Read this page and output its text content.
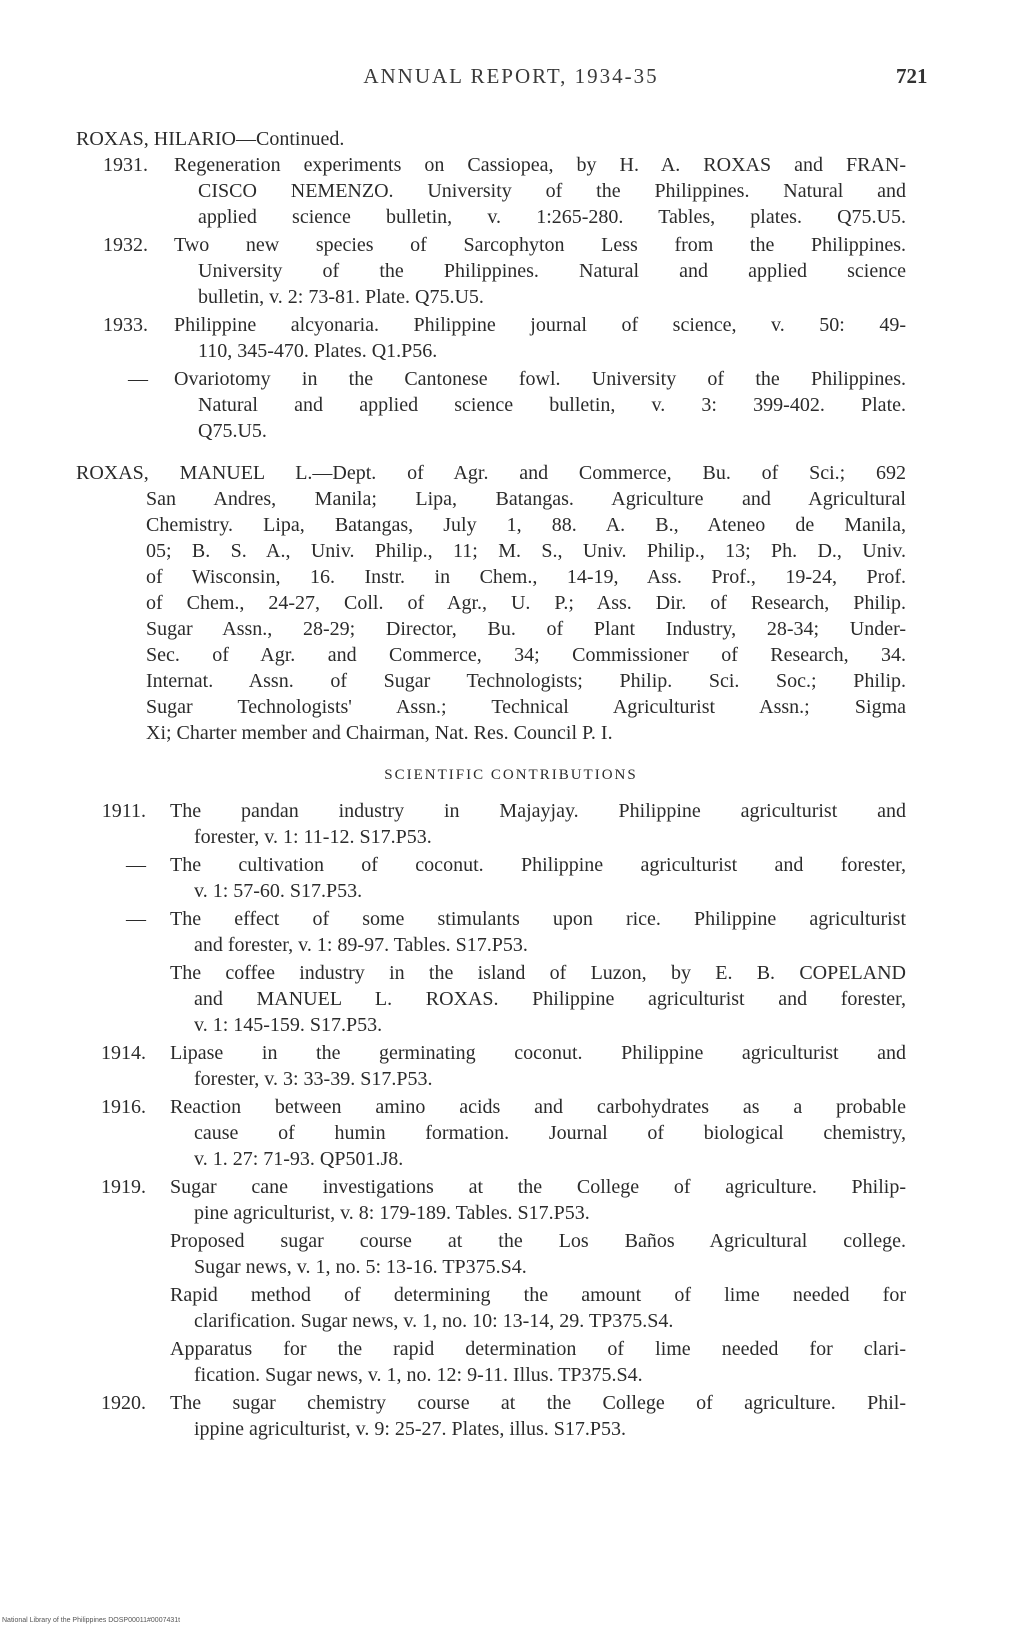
ANNUAL REPORT, 1934-35	721
ROXAS, HILARIO—Continued.
1931. Regeneration experiments on Cassiopea, by H. A. ROXAS and FRAN-
CISCO NEMENZO. University of the Philippines. Natural and
applied science bulletin, v. 1:265-280. Tables, plates. Q75.U5.
1932. Two new species of Sarcophyton Less from the Philippines.
University of the Philippines. Natural and applied science
bulletin, v. 2: 73-81. Plate. Q75.U5.
1933. Philippine alcyonaria. Philippine journal of science, v. 50: 49-
110, 345-470. Plates. Q1.P56.
— Ovariotomy in the Cantonese fowl. University of the Philippines.
Natural and applied science bulletin, v. 3: 399-402. Plate.
Q75.U5.
ROXAS, MANUEL L.—Dept. of Agr. and Commerce, Bu. of Sci.; 692
San Andres, Manila; Lipa, Batangas. Agriculture and Agricultural
Chemistry. Lipa, Batangas, July 1, 88. A. B., Ateneo de Manila,
05; B. S. A., Univ. Philip., 11; M. S., Univ. Philip., 13; Ph. D., Univ.
of Wisconsin, 16. Instr. in Chem., 14-19, Ass. Prof., 19-24, Prof.
of Chem., 24-27, Coll. of Agr., U. P.; Ass. Dir. of Research, Philip.
Sugar Assn., 28-29; Director, Bu. of Plant Industry, 28-34; Under-
Sec. of Agr. and Commerce, 34; Commissioner of Research, 34.
Internat. Assn. of Sugar Technologists; Philip. Sci. Soc.; Philip.
Sugar Technologists' Assn.; Technical Agriculturist Assn.; Sigma
Xi; Charter member and Chairman, Nat. Res. Council P. I.
SCIENTIFIC CONTRIBUTIONS
1911. The pandan industry in Majayjay. Philippine agriculturist and
forester, v. 1: 11-12. S17.P53.
— The cultivation of coconut. Philippine agriculturist and forester,
v. 1: 57-60. S17.P53.
— The effect of some stimulants upon rice. Philippine agriculturist
and forester, v. 1: 89-97. Tables. S17.P53.
The coffee industry in the island of Luzon, by E. B. COPELAND
and MANUEL L. ROXAS. Philippine agriculturist and forester,
v. 1: 145-159. S17.P53.
1914. Lipase in the germinating coconut. Philippine agriculturist and
forester, v. 3: 33-39. S17.P53.
1916. Reaction between amino acids and carbohydrates as a probable
cause of humin formation. Journal of biological chemistry,
v. 1. 27: 71-93. QP501.J8.
1919. Sugar cane investigations at the College of agriculture. Philip-
pine agriculturist, v. 8: 179-189. Tables. S17.P53.
Proposed sugar course at the Los Baños Agricultural college.
Sugar news, v. 1, no. 5: 13-16. TP375.S4.
Rapid method of determining the amount of lime needed for
clarification. Sugar news, v. 1, no. 10: 13-14, 29. TP375.S4.
Apparatus for the rapid determination of lime needed for clari-
fication. Sugar news, v. 1, no. 12: 9-11. Illus. TP375.S4.
1920. The sugar chemistry course at the College of agriculture. Phil-
ippine agriculturist, v. 9: 25-27. Plates, illus. S17.P53.
National Library of the Philippines DOSP00011#0007431t
